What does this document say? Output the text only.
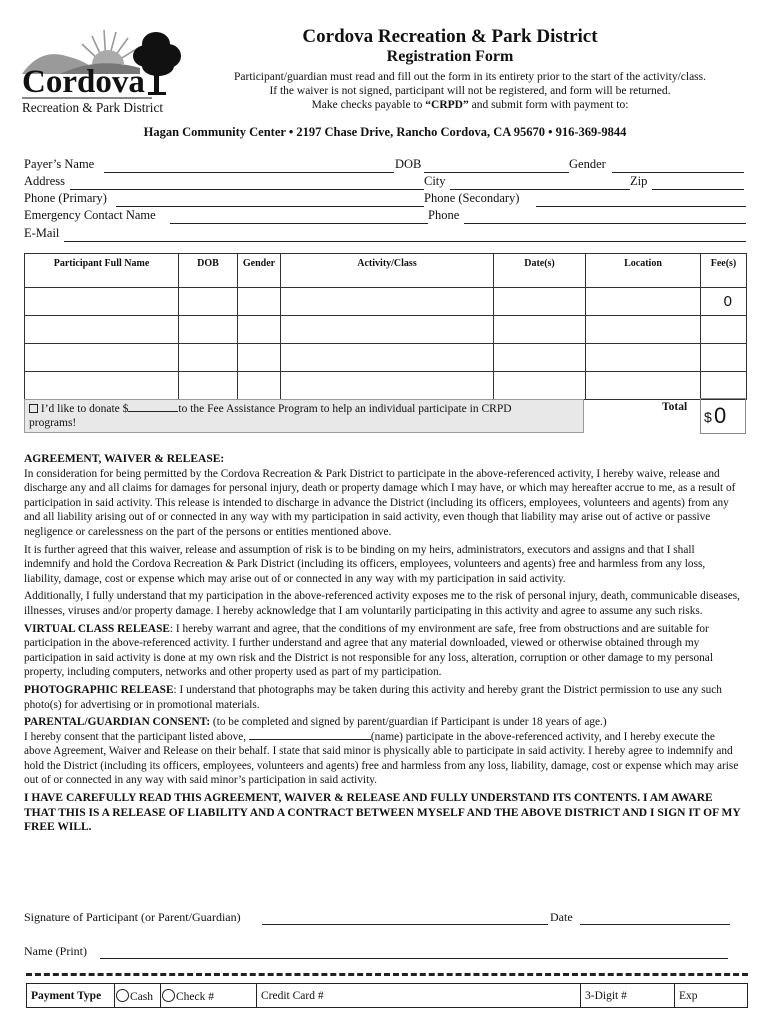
Cordova
Recreation & Park District
Cordova Recreation & Park District
Registration Form
Participant/guardian must read and fill out the form in its entirety prior to the start of the activity/class.
If the waiver is not signed, participant will not be registered, and form will be returned.
Make checks payable to “CRPD” and submit form with payment to:
Hagan Community Center • 2197 Chase Drive, Rancho Cordova, CA 95670 • 916-369-9844
Payer’s Name	DOB	Gender
Address	City	Zip
Phone (Primary)	Phone (Secondary)
Emergency Contact Name	Phone
E-Mail
Participant Full Name	DOB	Gender	Activity/Class	Date(s)	Location	Fee(s)
						0

I’d like to donate $	to the Fee Assistance Program to help an individual participate in CRPD
programs!
Total
$ 0

AGREEMENT, WAIVER & RELEASE:

In consideration for being permitted by the Cordova Recreation & Park District to participate in the above-referenced activity, I hereby waive, release and discharge any and all claims for damages for personal injury, death or property damage which I may have, or which may hereafter accrue to me, as a result of participation in said activity. This release is intended to discharge in advance the District (including its officers, employees, volunteers and agents) from any and all liability arising out of or connected in any way with my participation in said activity, even though that liability may arise out of active or passive negligence or carelessness on the part of the persons or entities mentioned above.

It is further agreed that this waiver, release and assumption of risk is to be binding on my heirs, administrators, executors and assigns and that I shall indemnify and hold the Cordova Recreation & Park District (including its officers, employees, volunteers and agents) free and harmless from any loss, liability, damage, cost or expense which may arise out of or connected in any way with my participation in said activity.

Additionally, I fully understand that my participation in the above-referenced activity exposes me to the risk of personal injury, death, communicable diseases, illnesses, viruses and/or property damage. I hereby acknowledge that I am voluntarily participating in this activity and agree to assume any such risks.

VIRTUAL CLASS RELEASE: I hereby warrant and agree, that the conditions of my environment are safe, free from obstructions and are suitable for participation in the above-referenced activity. I further understand and agree that any material downloaded, viewed or otherwise obtained through my participation in said activity is done at my own risk and the District is not responsible for any loss, alteration, corruption or other damage to my personal property, including computers, networks and other property used as part of my participation.

PHOTOGRAPHIC RELEASE: I understand that photographs may be taken during this activity and hereby grant the District permission to use any such photo(s) for advertising or in promotional materials.

PARENTAL/GUARDIAN CONSENT: (to be completed and signed by parent/guardian if Participant is under 18 years of age.)
I hereby consent that the participant listed above,	(name) participate in the above-referenced activity, and I hereby execute the above Agreement, Waiver and Release on their behalf. I state that said minor is physically able to participate in said activity. I hereby agree to indemnify and hold the District (including its officers, employees, volunteers and agents) free and harmless from any loss, liability, damage, cost or expense which may arise out of or connected in any way with said minor’s participation in said activity.

I HAVE CAREFULLY READ THIS AGREEMENT, WAIVER & RELEASE AND FULLY UNDERSTAND ITS CONTENTS. I AM AWARE THAT THIS IS A RELEASE OF LIABILITY AND A CONTRACT BETWEEN MYSELF AND THE ABOVE DISTRICT AND I SIGN IT OF MY FREE WILL.

Signature of Participant (or Parent/Guardian)	Date
Name (Print)
Payment Type	Cash	Check #	Credit Card #	3-Digit #	Exp
